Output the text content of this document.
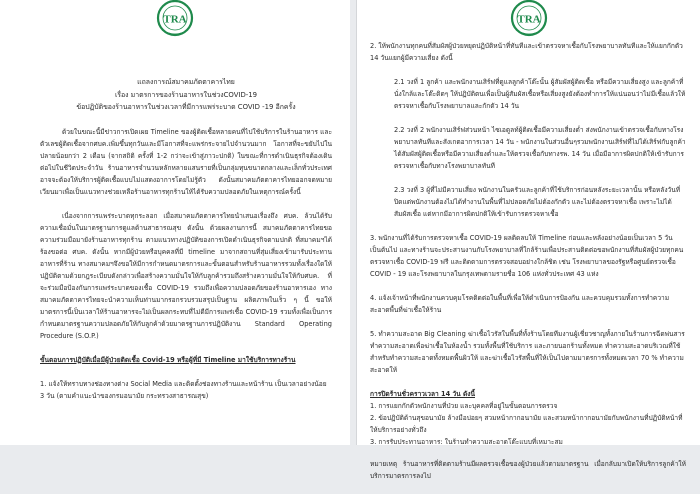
TRA
แถลงการณ์สมาคมภัตตาคารไทย
เรื่อง มาตรการของร้านอาหารในช่วงCOVID-19
ข้อปฏิบัติของร้านอาหารในช่วงเวลาที่มีการแพร่ระบาด COVID -19 อีกครั้ง

ด้วยในขณะนี้มีข่าวการเปิดเผย Timeline ของผู้ติดเชื้อหลายคนที่ไปใช้บริการในร้านอาหาร และตัวเลขผู้ติดเชื้อจากศบค.เพิ่มขึ้นทุกวันและมีโอกาสที่จะแพร่กระจายไปจำนวนมาก โอกาสที่จะขยับไปในปลายน้อยกว่า 2 เดือน (จากสถิติ ครั้งที่ 1-2 กว่าจะเข้าสู่ภาวะปกติ) ในขณะที่การดำเนินธุรกิจต้องเดินต่อไปในชีวิตประจำวัน ร้านอาหารจำนวนหลักหลายแสนรายที่เป็นกลุ่มทุนขนาดกลางและเล็กทั่วประเทศ อาจจะต้องให้บริการผู้ติดเชื้อแบบไม่แสดงอาการโดยไม่รู้ตัว ดังนั้นสมาคมภัตตาคารไทยออกจดหมายเวียนมาเพื่อเป็นแนวทางช่วยเหลือร้านอาหารทุกร้านให้ได้รับความปลอดภัยในเหตุการณ์ครั้งนี้

เนื่องจากการแพร่ระบาดทุกระลอก เมื่อสมาคมภัตตาคารไทยนำเสนอเรื่องถึง ศบค. ล้วนได้รับความเชื่อมั่นในมาตรฐานการดูแลด้านสาธารณสุข ดังนั้น ด้วยผลงานการนี้ สมาคมภัตตาคารไทยขอความร่วมมือมายังร้านอาหารทุกร้าน ตามแนวทางปฏิบัติของการเปิดดำเนินธุรกิจตามปกติ ที่สมาคมฯได้ร้องขอต่อ ศบค. ดังนั้น หากมีผู้ป่วยหรือบุคคลที่มี timeline มาจากสถานที่สุ่มเสี่ยงเข้ามารับประทานอาหารที่ร้าน ทางสมาคมฯจึงขอให้มีการกำหนดมาตรการและขั้นตอนสำหรับร้านอาหารรวมทั้งเรื่องใดให้ปฏิบัติตามด้วยกฎระเบียบดังกล่าวเพื่อสร้างความมั่นใจให้กับลูกค้ารวมถึงสร้างความมั่นใจให้กับศบค. ที่จะร่วมมือป้องกันการแพร่ระบาดของเชื้อ COVID-19 รวมถึงเพื่อความปลอดภัยของร้านอาหารเอง ทางสมาคมภัตตาคารไทยจะนำความเห็นท่านมากรอกรวบรวมสรุปเป็นฐาน ผลิตภาพในเร็ว ๆ นี้ ขอให้มาตรการนี้เป็นเวลาให้ร้านอาหารจะไม่เป็นผลกระทบที่ไม่ดีมีการแพร่เชื้อ COVID-19 รวมทั้งเพื่อเป็นการกำหนดมาตรฐานความปลอดภัยให้กับลูกค้าด้วยมาตรฐานการปฏิบัติงาน Standard Operating Procedure (S.O.P.)

ขั้นตอนการปฏิบัติเมื่อมีผู้ป่วยติดเชื้อ Covid-19 หรือผู้ที่มี Timeline มาใช้บริการทางร้าน

1. แจ้งให้ทราบทางช่องทางต่าง Social Media และติดตั้งช่องทางร้านและหน้าร้าน เป็นเวลาอย่างน้อย

3 วัน (ตามคำแนะนำของกรมอนามัย กระทรวงสาธารณสุข)

TRA

2. ให้พนักงานทุกคนที่สัมผัสผู้ป่วยหยุดปฏิบัติหน้าที่ทันทีและเข้าตรวจหาเชื้อกับโรงพยาบาลทันทีและให้แยกกักตัว 14 วันแยกผู้มีความเสี่ยง ดังนี้

2.1 วงที่ 1 ลูกค้า และพนักงานเสิร์ฟที่ดูแลลูกค้าโต๊ะนั้น ผู้สัมผัสผู้ติดเชื้อ หรือมีความเสี่ยงสูง และลูกค้าที่นั่งใกล้และโต๊ะติดๆ ให้ปฏิบัติตนเพื่อเป็นผู้สัมผัสเชื้อหรือเสี่ยงสูงยังต้องทำการให้แน่นอนว่าไม่มีเชื้อแล้วให้ตรวจหาเชื้อกับโรงพยาบาลและกักตัว 14 วัน

2.2 วงที่ 2 พนักงานเสิร์ฟส่วนหน้า ไซเอดูลท์ผู้ติดเชื้อมีความเสี่ยงต่ำ ส่งพนักงานเข้าตรวจเชื้อกับทางโรงพยาบาลทันทีและสังเกตอาการเวลา 14 วัน - พนักงานในส่วนอื่นๆรวมพนักงานเสิร์ฟที่ไม่ได้เสิร์ฟกับลูกค้าได้สัมผัสผู้ติดเชื้อหรือมีความเสี่ยงต่ำและให้ตรวจเชื้อกับทางรพ. 14 วัน เมื่อมีอาการผิดปกติให้เข้ารับการตรวจหาเชื้อกับทางโรงพยาบาลทันที

2.3 วงที่ 3 ผู้ที่ไม่มีความเสี่ยง พนักงานในครัวและลูกค้าที่ใช้บริการก่อนหลังระยะเวลานั้น หรือหลังวันที่ปิดแต่พนักงานต้องไม่ได้ทำงานในพื้นที่ไม่ปลอดภัยไม่ต้องกักตัว และไม่ต้องตรวจหาเชื้อ เพราะไม่ได้สัมผัสเชื้อ แต่หากมีอาการผิดปกติให้เข้ารับการตรวจหาเชื้อ

3. พนักงานที่ได้รับการตรวจหาเชื้อ COVID-19 ผลติดลบให้ Timeline ก่อนและหลังอย่างน้อยเป็นเวลา 5 วันเป็นต้นไป และทางร้านจะประสานงานกับโรงพยาบาลที่ใกล้ร้านเพื่อประสานติดต่อขอพนักงานที่สัมผัสผู้ป่วยทุกคนตรวจหาเชื้อ COVID-19 ฟรี และติดตามการตรวจสอบอย่างใกล้ชิด เช่น โรงพยาบาลของรัฐหรือศูนย์ตรวจเชื้อ COVID - 19 และโรงพยาบาลในกรุงเทพตามรายชื่อ 106 แห่งทั่วประเทศ 43 แห่ง

4. แจ้งเจ้าหน้าที่พนักงานควบคุมโรคติดต่อในพื้นที่เพื่อให้ดำเนินการป้องกัน และควบคุมรวมทั้งการทำความสะอาดพื้นที่ฆ่าเชื้อให้ร้าน

5. ทำความสะอาด Big Cleaning ฆ่าเชื้อไวรัสในพื้นที่ทั้งร้านโดยทีมงานผู้เชี่ยวชาญทั้งภายในร้านการฉีดพ่นสารทำความสะอาดเพื่อฆ่าเชื้อในห้องน้ำ รวมทั้งพื้นที่ใช้บริการ และภายนอกร้านทั้งหมด ทำความสะอาดบริเวณที่ใช้สำหรับทำความสะอาดทั้งหมดพื้นผิวให้ และฆ่าเชื้อไวรัสพื้นที่ให้เป็นไปตามมาตรการทั้งหมดเวลา 70 % ทำความสะอาดให้

การปิดร้านชั่วคราวเวลา 14 วัน ดังนี้

1. การแยกกักตัวพนักงานที่ป่วย และบุคคลที่อยู่ในขั้นตอนการตรวจ

2. ข้อปฏิบัติด้านสุขอนามัย ล้างมือบ่อยๆ สวมหน้ากากอนามัย และสวมหน้ากากอนามัยกับพนักงานที่ปฏิบัติหน้าที่ให้บริการอย่างทั่วถึง

3. การรับประทานอาหาร: ในร้านทำความสะอาดโต๊ะแบบที่เหมาะสม

หมายเหตุ ร้านอาหารที่ติดตามร้านมีผลตรวจเชื้อของผู้ป่วยแล้วตามมาตรฐาน เมื่อกลับมาเปิดให้บริการลูกค้าให้บริการมาตรการลงไป
